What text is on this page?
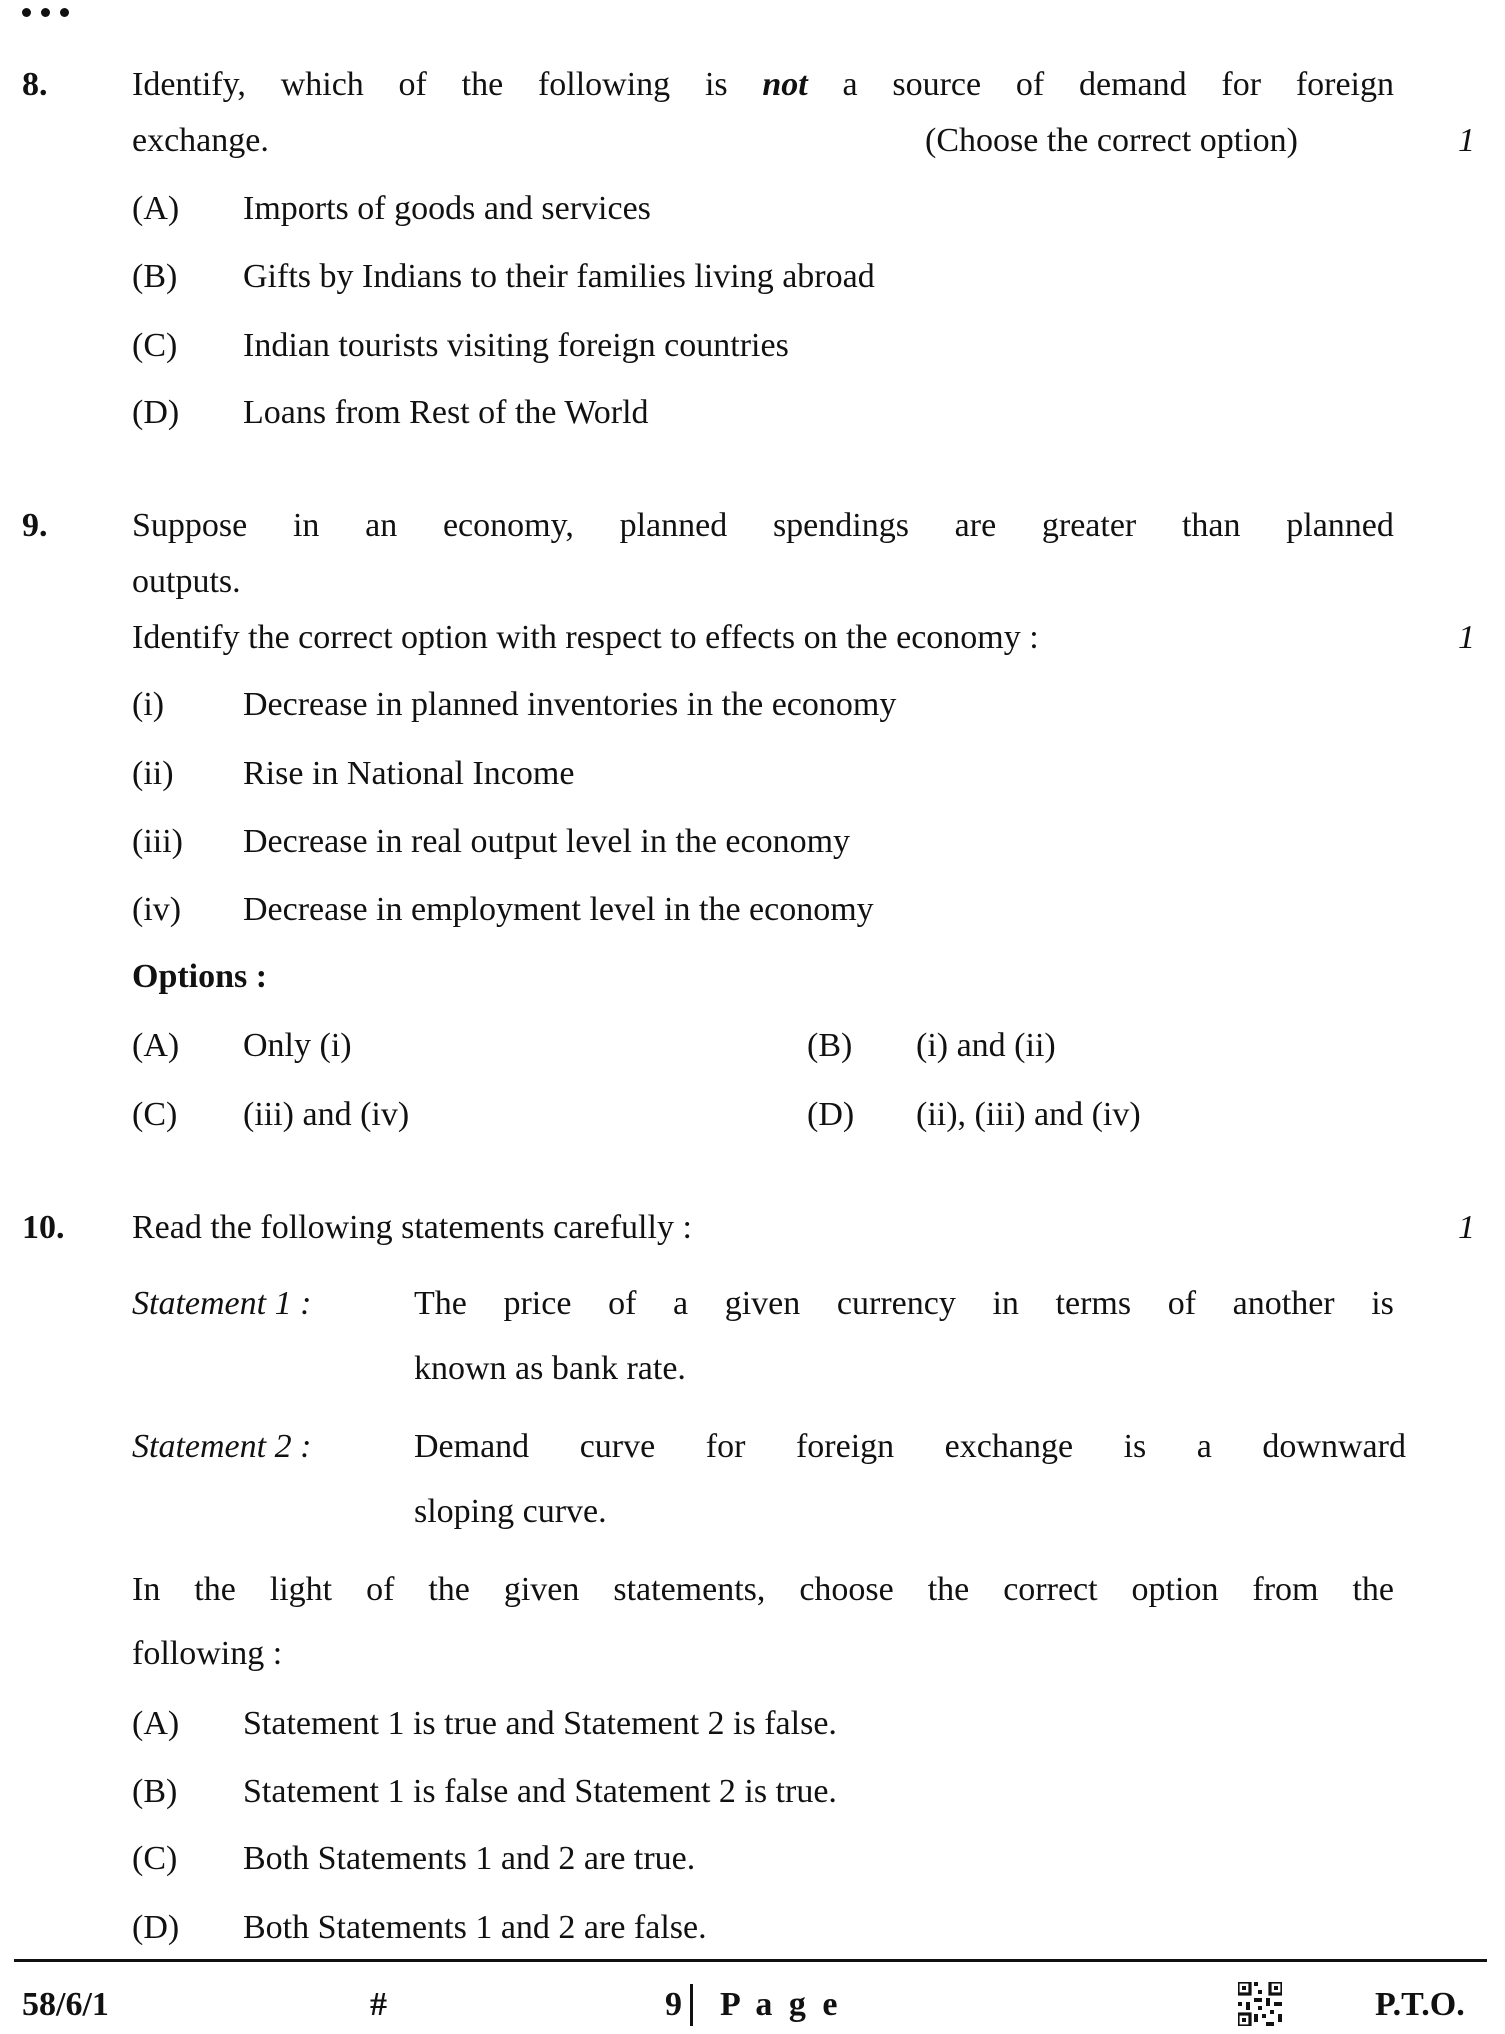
8. Identify, which of the following is not a source of demand for foreign
exchange.	(Choose the correct option)	1
(A) Imports of goods and services
(B) Gifts by Indians to their families living abroad
(C) Indian tourists visiting foreign countries
(D) Loans from Rest of the World
9. Suppose in an economy, planned spendings are greater than planned
outputs.
Identify the correct option with respect to effects on the economy :	1
(i) Decrease in planned inventories in the economy
(ii) Rise in National Income
(iii) Decrease in real output level in the economy
(iv) Decrease in employment level in the economy
Options :
(A) Only (i)	(B) (i) and (ii)
(C) (iii) and (iv)	(D) (ii), (iii) and (iv)
10. Read the following statements carefully :	1
Statement 1 :	The price of a given currency in terms of another is
known as bank rate.
Statement 2 :	Demand curve for foreign exchange is a downward
sloping curve.
In the light of the given statements, choose the correct option from the
following :
(A) Statement 1 is true and Statement 2 is false.
(B) Statement 1 is false and Statement 2 is true.
(C) Both Statements 1 and 2 are true.
(D) Both Statements 1 and 2 are false.
58/6/1	#	9 P a g e	P.T.O.
